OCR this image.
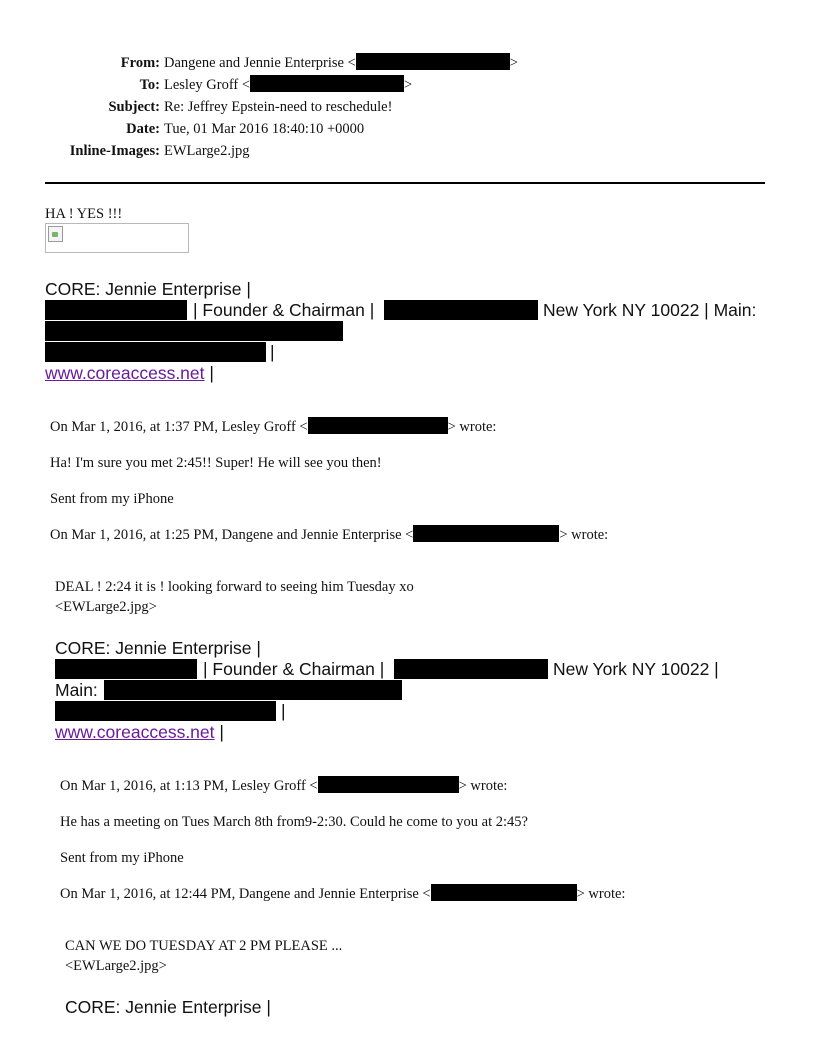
From: Dangene and Jennie Enterprise <	>
To: Lesley Groff <	>
Subject: Re: Jeffrey Epstein-need to reschedule!
Date: Tue, 01 Mar 2016 18:40:10 +0000
Inline-Images: EWLarge2.jpg
HA ! YES !!!
CORE: Jennie Enterprise |
| Founder & Chairman |	New York NY 10022 | Main:
|
www.coreaccess.net |
On Mar 1, 2016, at 1:37 PM, Lesley Groff <	> wrote:
Ha! I'm sure you met 2:45!! Super! He will see you then!
Sent from my iPhone
On Mar 1, 2016, at 1:25 PM, Dangene and Jennie Enterprise <	> wrote:
DEAL ! 2:24 it is ! looking forward to seeing him Tuesday xo
<EWLarge2.jpg>
CORE: Jennie Enterprise |
| Founder & Chairman |	New York NY 10022 |
Main:
|
www.coreaccess.net |
On Mar 1, 2016, at 1:13 PM, Lesley Groff <	> wrote:
He has a meeting on Tues March 8th from9-2:30. Could he come to you at 2:45?
Sent from my iPhone
On Mar 1, 2016, at 12:44 PM, Dangene and Jennie Enterprise <	> wrote:
CAN WE DO TUESDAY AT 2 PM PLEASE ...
<EWLarge2.jpg>
CORE: Jennie Enterprise |
